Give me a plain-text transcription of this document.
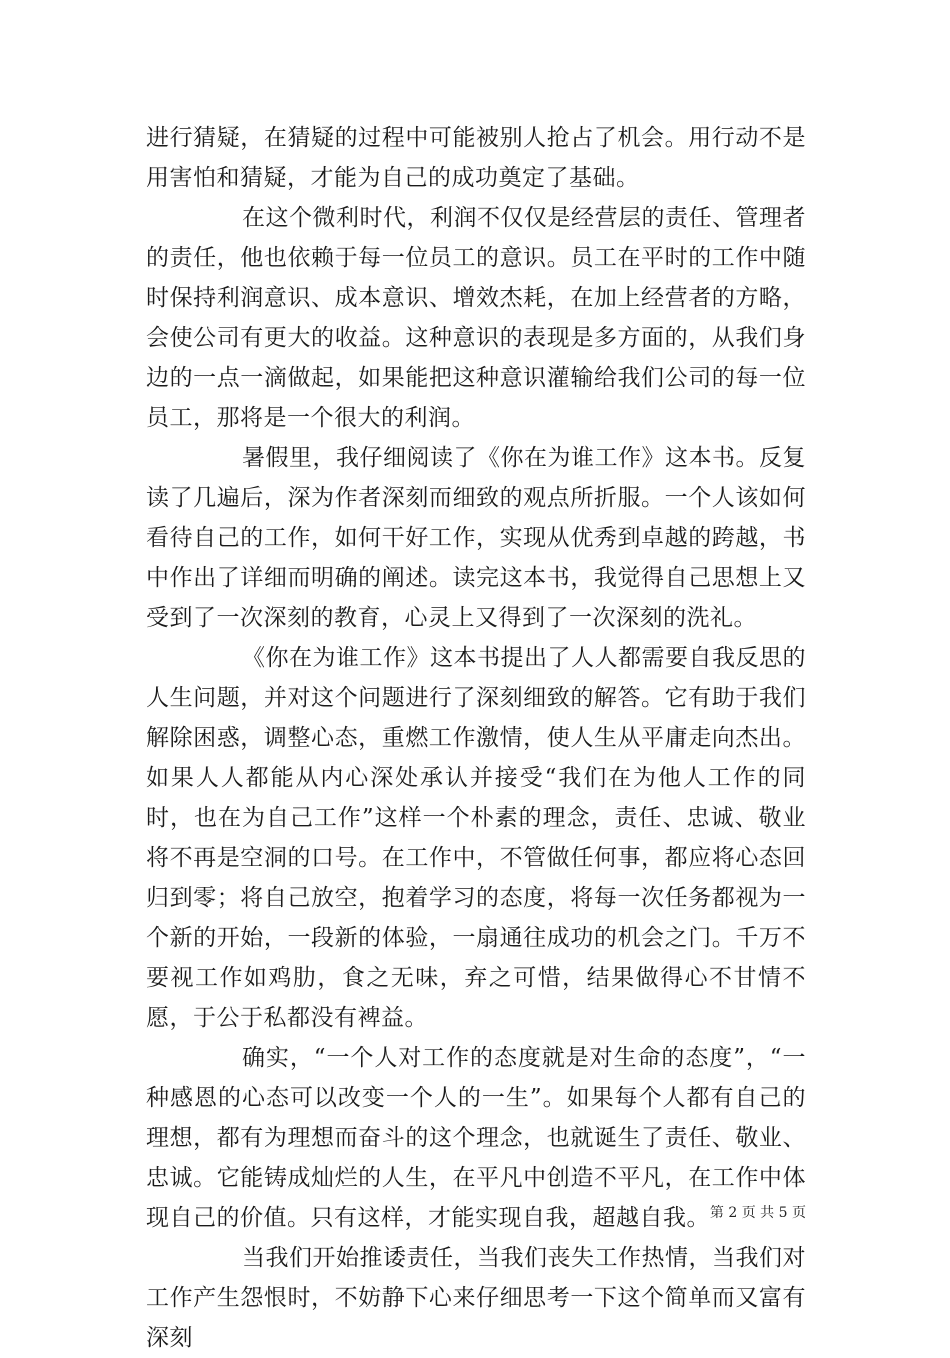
进行猜疑，在猜疑的过程中可能被别人抢占了机会。用行动不是用害怕和猜疑，才能为自己的成功奠定了基础。

在这个微利时代，利润不仅仅是经营层的责任、管理者的责任，他也依赖于每一位员工的意识。员工在平时的工作中随时保持利润意识、成本意识、增效杰耗，在加上经营者的方略，会使公司有更大的收益。这种意识的表现是多方面的，从我们身边的一点一滴做起，如果能把这种意识灌输给我们公司的每一位员工，那将是一个很大的利润。

暑假里，我仔细阅读了《你在为谁工作》这本书。反复读了几遍后，深为作者深刻而细致的观点所折服。一个人该如何看待自己的工作，如何干好工作，实现从优秀到卓越的跨越，书中作出了详细而明确的阐述。读完这本书，我觉得自己思想上又受到了一次深刻的教育，心灵上又得到了一次深刻的洗礼。

《你在为谁工作》这本书提出了人人都需要自我反思的人生问题，并对这个问题进行了深刻细致的解答。它有助于我们解除困惑，调整心态，重燃工作激情，使人生从平庸走向杰出。如果人人都能从内心深处承认并接受“我们在为他人工作的同时，也在为自己工作”这样一个朴素的理念，责任、忠诚、敬业将不再是空洞的口号。在工作中，不管做任何事，都应将心态回归到零；将自己放空，抱着学习的态度，将每一次任务都视为一个新的开始，一段新的体验，一扇通往成功的机会之门。千万不要视工作如鸡肋，食之无味，弃之可惜，结果做得心不甘情不愿，于公于私都没有裨益。

确实，“一个人对工作的态度就是对生命的态度”，“一种感恩的心态可以改变一个人的一生”。如果每个人都有自己的理想，都有为理想而奋斗的这个理念，也就诞生了责任、敬业、忠诚。它能铸成灿烂的人生，在平凡中创造不平凡，在工作中体现自己的价值。只有这样，才能实现自我，超越自我。

当我们开始推诿责任，当我们丧失工作热情，当我们对工作产生怨恨时，不妨静下心来仔细思考一下这个简单而又富有深刻

第 2 页 共 5 页
